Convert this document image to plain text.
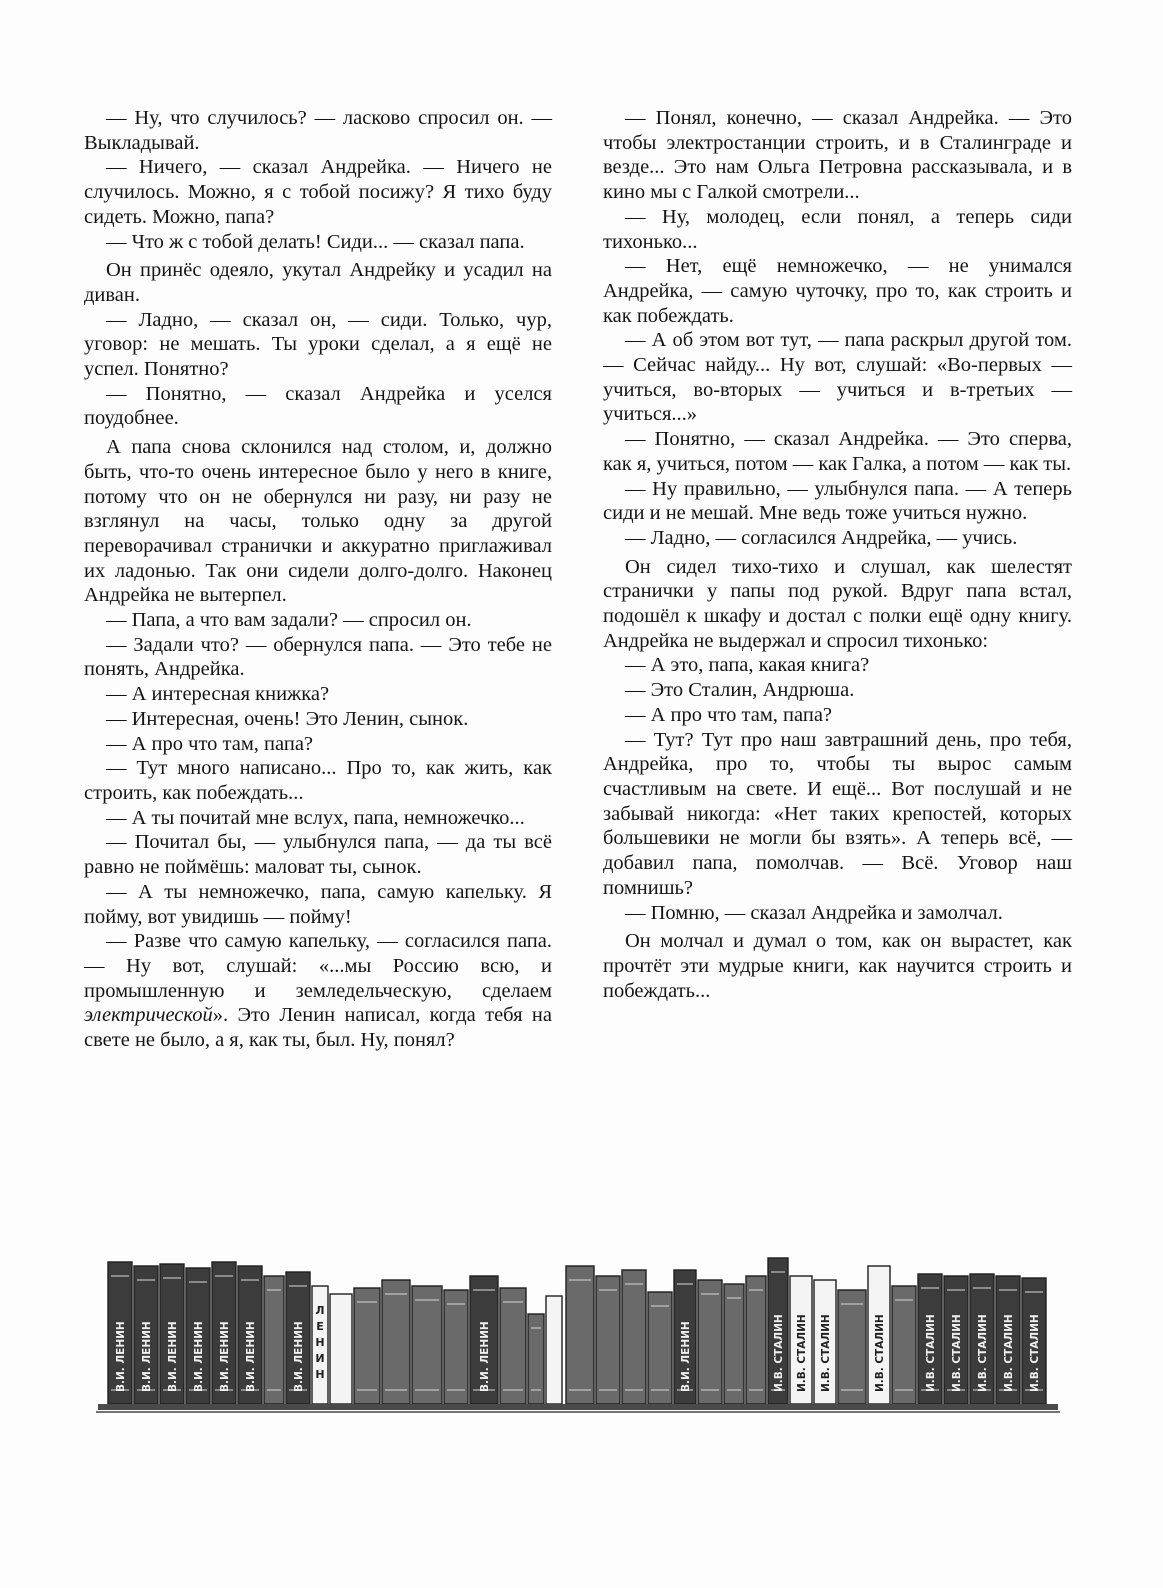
— Ну, что случилось? — ласково спросил он. — Выкладывай.

— Ничего, — сказал Андрейка. — Ничего не случилось. Можно, я с тобой посижу? Я тихо буду сидеть. Можно, папа?

— Что ж с тобой делать! Сиди... — сказал папа.

Он принёс одеяло, укутал Андрейку и усадил на диван.

— Ладно, — сказал он, — сиди. Только, чур, уговор: не мешать. Ты уроки сделал, а я ещё не успел. Понятно?

— Понятно, — сказал Андрейка и уселся поудобнее.

А папа снова склонился над столом, и, должно быть, что-то очень интересное было у него в книге, потому что он не обернулся ни разу, ни разу не взглянул на часы, только одну за другой переворачивал странички и аккуратно приглаживал их ладонью. Так они сидели долго-долго. Наконец Андрейка не вытерпел.

— Папа, а что вам задали? — спросил он.

— Задали что? — обернулся папа. — Это тебе не понять, Андрейка.

— А интересная книжка?

— Интересная, очень! Это Ленин, сынок.

— А про что там, папа?

— Тут много написано... Про то, как жить, как строить, как побеждать...

— А ты почитай мне вслух, папа, немножечко...

— Почитал бы, — улыбнулся папа, — да ты всё равно не поймёшь: маловат ты, сынок.

— А ты немножечко, папа, самую капельку. Я пойму, вот увидишь — пойму!

— Разве что самую капельку, — согласился папа. — Ну вот, слушай: «...мы Россию всю, и промышленную и земледельческую, сделаем электрической». Это Ленин написал, когда тебя на свете не было, а я, как ты, был. Ну, понял?

— Понял, конечно, — сказал Андрейка. — Это чтобы электростанции строить, и в Сталинграде и везде... Это нам Ольга Петровна рассказывала, и в кино мы с Галкой смотрели...

— Ну, молодец, если понял, а теперь сиди тихонько...

— Нет, ещё немножечко, — не унимался Андрейка, — самую чуточку, про то, как строить и как побеждать.

— А об этом вот тут, — папа раскрыл другой том. — Сейчас найду... Ну вот, слушай: «Во-первых — учиться, во-вторых — учиться и в-третьих — учиться...»

— Понятно, — сказал Андрейка. — Это сперва, как я, учиться, потом — как Галка, а потом — как ты.

— Ну правильно, — улыбнулся папа. — А теперь сиди и не мешай. Мне ведь тоже учиться нужно.

— Ладно, — согласился Андрейка, — учись.

Он сидел тихо-тихо и слушал, как шелестят странички у папы под рукой. Вдруг папа встал, подошёл к шкафу и достал с полки ещё одну книгу. Андрейка не выдержал и спросил тихонько:

— А это, папа, какая книга?

— Это Сталин, Андрюша.

— А про что там, папа?

— Тут? Тут про наш завтрашний день, про тебя, Андрейка, про то, чтобы ты вырос самым счастливым на свете. И ещё... Вот послушай и не забывай никогда: «Нет таких крепостей, которых большевики не могли бы взять». А теперь всё, — добавил папа, помолчав. — Всё. Уговор наш помнишь?

— Помню, — сказал Андрейка и замолчал.

Он молчал и думал о том, как он вырастет, как прочтёт эти мудрые книги, как научится строить и побеждать...

В.И. ЛЕНИН В.И. ЛЕНИН В.И. ЛЕНИН В.И. ЛЕНИН В.И. ЛЕНИН В.И. ЛЕНИН	В.И. ЛЕНИН	В.И. ЛЕНИН	В.И. ЛЕНИН	И.В. СТАЛИН И.В. СТАЛИН И.В. СТАЛИН	И.В. СТАЛИН	И.В. СТАЛИН И.В. СТАЛИН И.В. СТАЛИН И.В. СТАЛИН И.В. СТАЛИН
Л Е Н И Н
